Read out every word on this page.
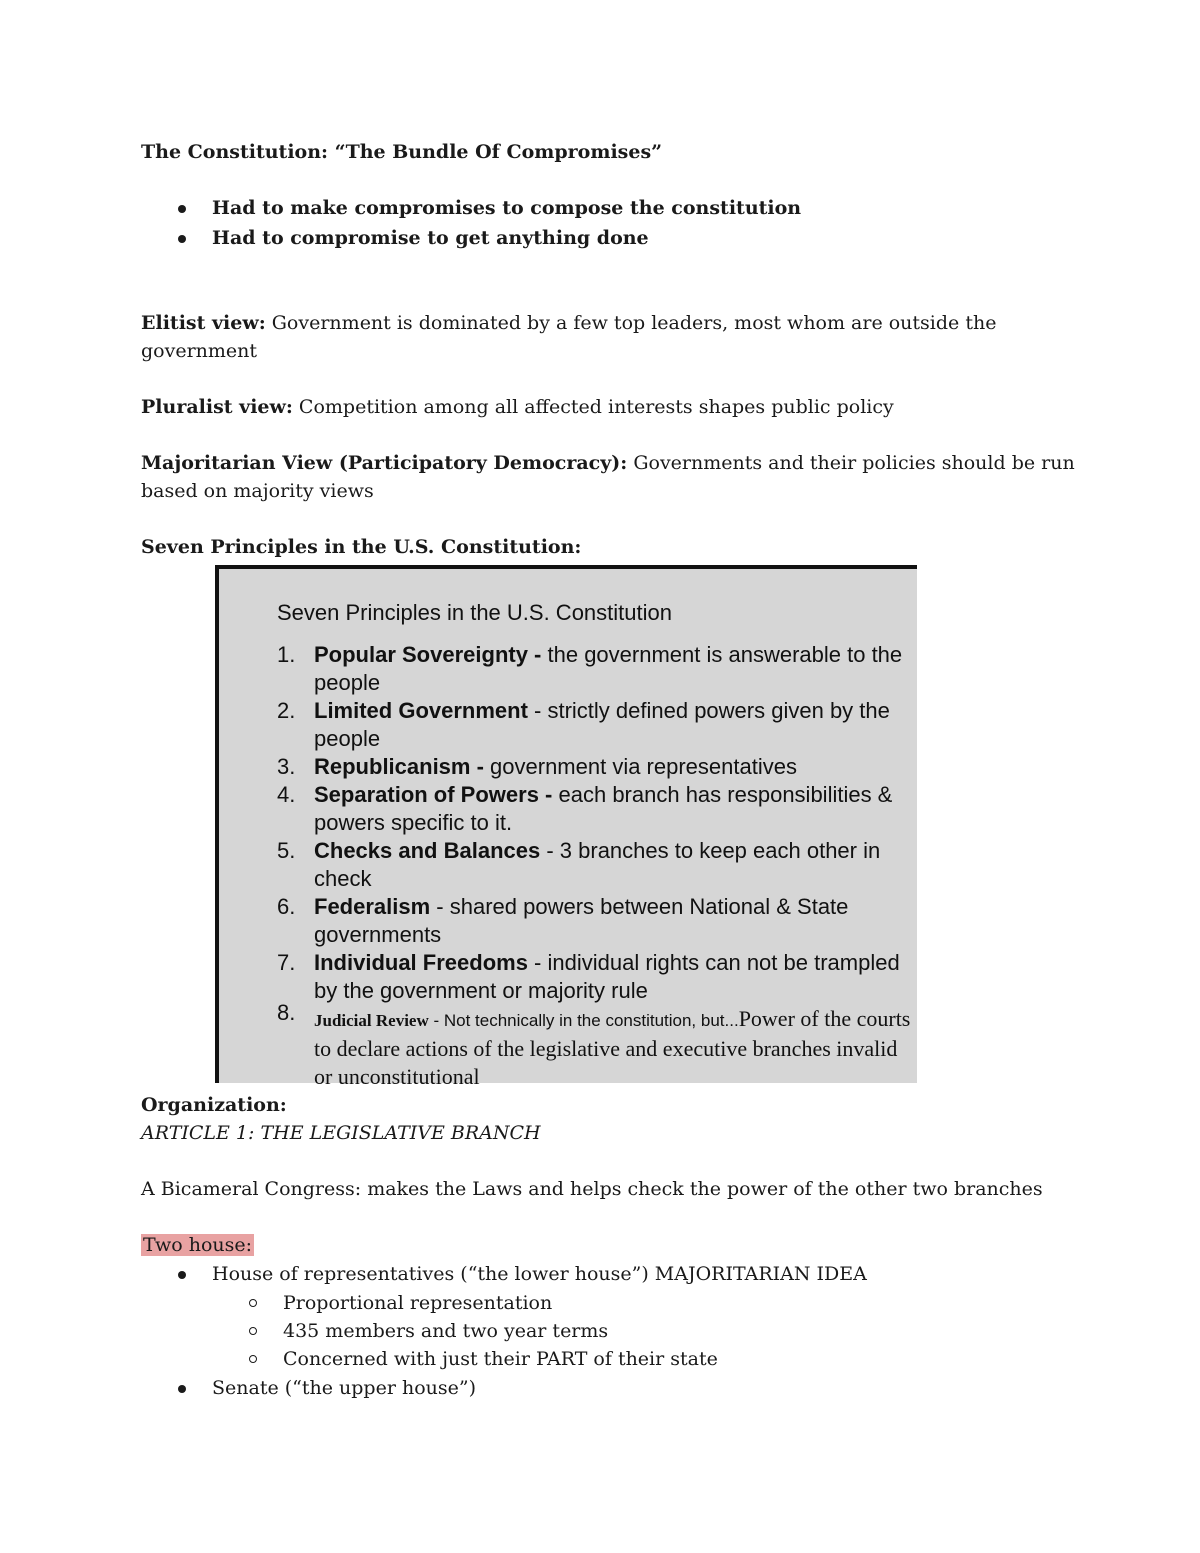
The Constitution: “The Bundle Of Compromises”

Had to make compromises to compose the constitution
Had to compromise to get anything done

Elitist view: Government is dominated by a few top leaders, most whom are outside the government

Pluralist view: Competition among all affected interests shapes public policy

Majoritarian View (Participatory Democracy): Governments and their policies should be run based on majority views

Seven Principles in the U.S. Constitution:

Seven Principles in the U.S. Constitution

1. Popular Sovereignty - the government is answerable to the people
2. Limited Government - strictly defined powers given by the people
3. Republicanism - government via representatives
4. Separation of Powers - each branch has responsibilities & powers specific to it.
5. Checks and Balances - 3 branches to keep each other in check
6. Federalism - shared powers between National & State governments
7. Individual Freedoms - individual rights can not be trampled by the government or majority rule
8. Judicial Review - Not technically in the constitution, but...Power of the courts to declare actions of the legislative and executive branches invalid or unconstitutional

Organization:

ARTICLE 1: THE LEGISLATIVE BRANCH

A Bicameral Congress: makes the Laws and helps check the power of the other two branches

Two house:

House of representatives (“the lower house”) MAJORITARIAN IDEA
Proportional representation
435 members and two year terms
Concerned with just their PART of their state
Senate (“the upper house”)
